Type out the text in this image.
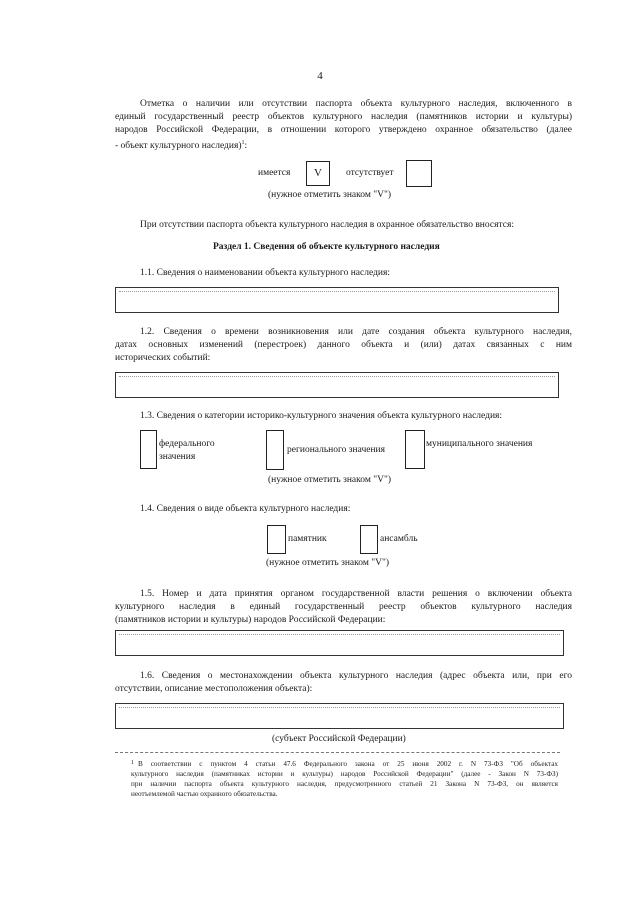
4
Отметка о наличии или отсутствии паспорта объекта культурного наследия, включенного в
единый государственный реестр объектов культурного наследия (памятников истории и культуры)
народов Российской Федерации, в отношении которого утверждено охранное обязательство (далее
- объект культурного наследия)$^1$:
имеется	V	отсутствует
(нужное отметить знаком "V")
При отсутствии паспорта объекта культурного наследия в охранное обязательство вносятся:
Раздел 1. Сведения об объекте культурного наследия
1.1. Сведения о наименовании объекта культурного наследия:
1.2. Сведения о времени возникновения или дате создания объекта культурного наследия,
датах основных изменений (перестроек) данного объекта и (или) датах связанных с ним
исторических событий:
1.3. Сведения о категории историко-культурного значения объекта культурного наследия:
федерального
значения
регионального значения
муниципального значения
(нужное отметить знаком "V")
1.4. Сведения о виде объекта культурного наследия:
памятник	ансамбль
(нужное отметить знаком "V")
1.5. Номер и дата принятия органом государственной власти решения о включении объекта
культурного наследия в единый государственный реестр объектов культурного наследия
(памятников истории и культуры) народов Российской Федерации:
1.6. Сведения о местонахождении объекта культурного наследия (адрес объекта или, при его
отсутствии, описание местоположения объекта):
(субъект Российской Федерации)
$^1$ В соответствии с пунктом 4 статьи 47.6 Федерального закона от 25 июня 2002 г. N 73-ФЗ "Об объектах
культурного наследия (памятниках истории и культуры) народов Российской Федерации" (далее - Закон N 73-ФЗ)
при наличии паспорта объекта культурного наследия, предусмотренного статьей 21 Закона N 73-ФЗ, он является
неотъемлемой частью охранного обязательства.
